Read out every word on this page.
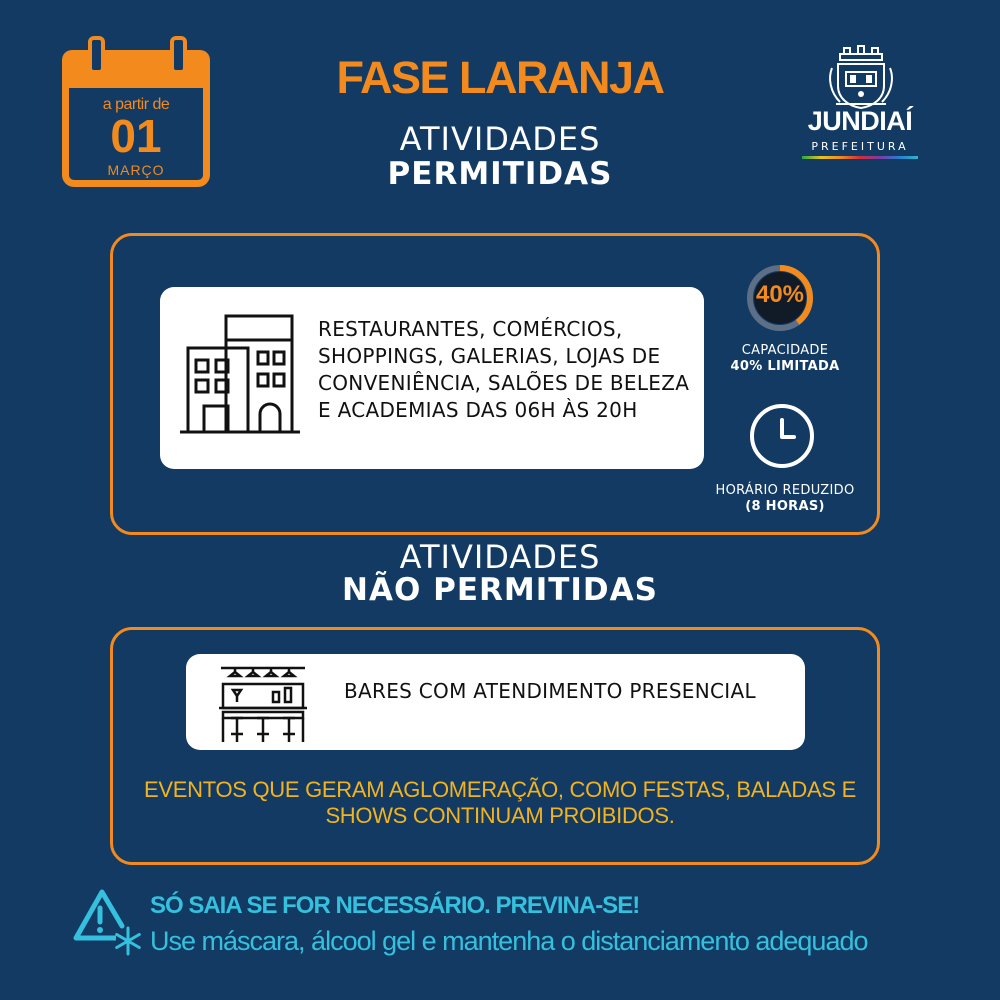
a partir de
01
MARÇO
FASE LARANJA
ATIVIDADES
PERMITIDAS
JUNDIAÍ
PREFEITURA
RESTAURANTES, COMÉRCIOS, SHOPPINGS, GALERIAS, LOJAS DE CONVENIÊNCIA, SALÕES DE BELEZA E ACADEMIAS DAS 06H ÀS 20H
40%
CAPACIDADE
40% LIMITADA
HORÁRIO REDUZIDO
(8 HORAS)
ATIVIDADES
NÃO PERMITIDAS
BARES COM ATENDIMENTO PRESENCIAL
EVENTOS QUE GERAM AGLOMERAÇÃO, COMO FESTAS, BALADAS E SHOWS CONTINUAM PROIBIDOS.
SÓ SAIA SE FOR NECESSÁRIO. PREVINA-SE!
Use máscara, álcool gel e mantenha o distanciamento adequado
